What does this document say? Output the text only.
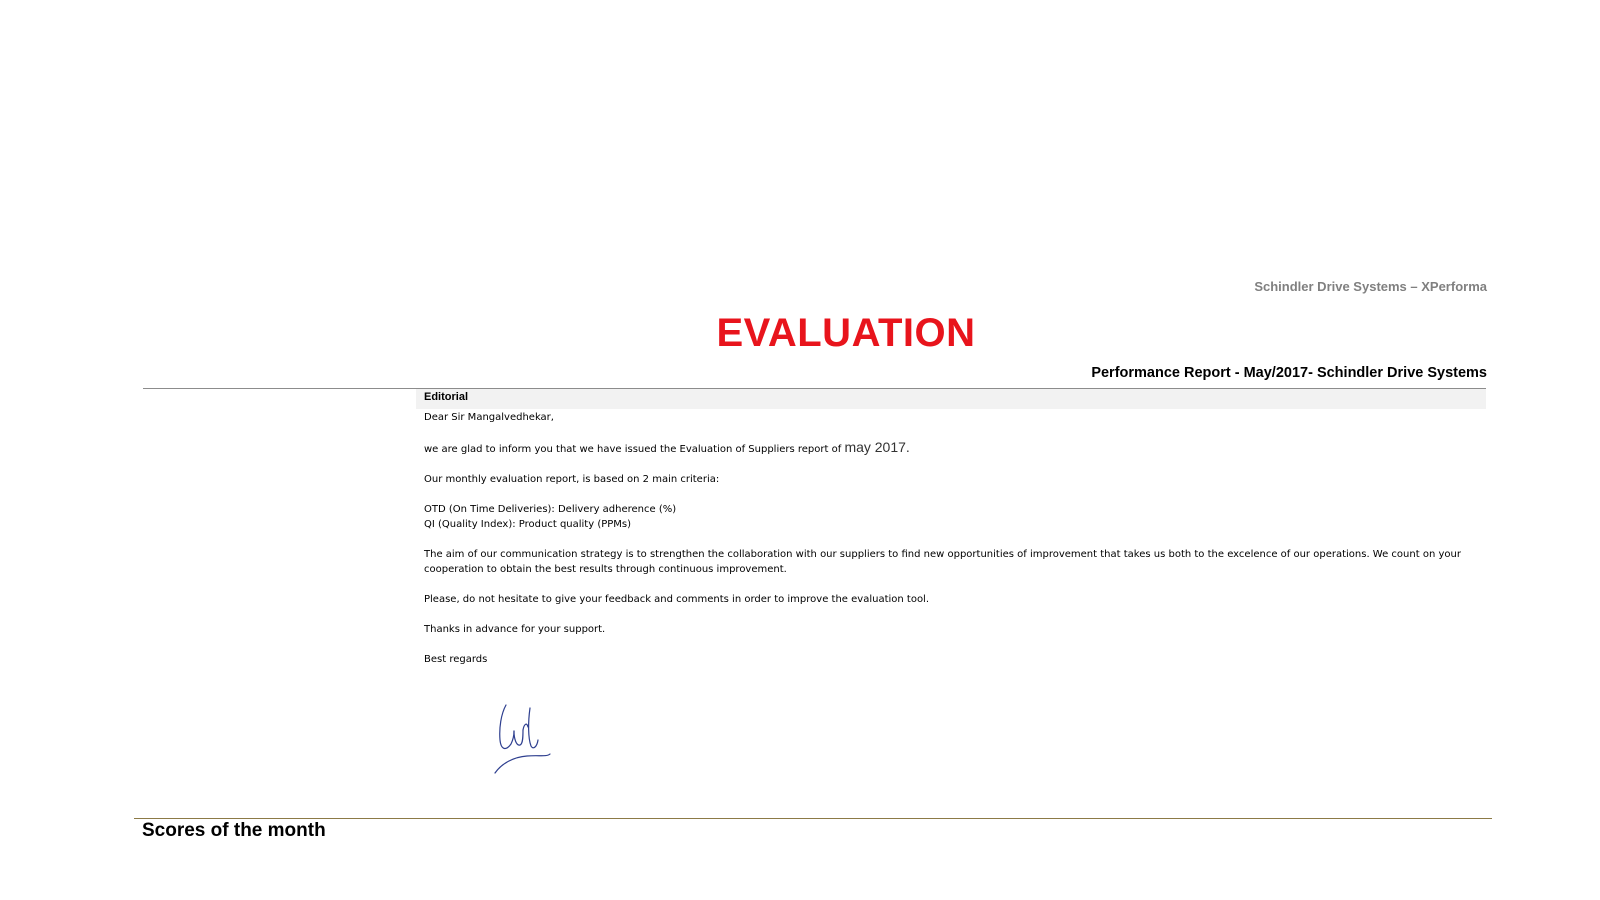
Schindler Drive Systems – XPerforma

EVALUATION

Performance Report - May/2017- Schindler Drive Systems

Editorial

Dear Sir Mangalvedhekar,

we are glad to inform you that we have issued the Evaluation of Suppliers report of may 2017.

Our monthly evaluation report, is based on 2 main criteria:

OTD (On Time Deliveries): Delivery adherence (%)

QI (Quality Index): Product quality (PPMs)

The aim of our communication strategy is to strengthen the collaboration with our suppliers to find new opportunities of improvement that takes us both to the excelence of our operations. We count on your cooperation to obtain the best results through continuous improvement.

Please, do not hesitate to give your feedback and comments in order to improve the evaluation tool.

Thanks in advance for your support.

Best regards

Scores of the month
